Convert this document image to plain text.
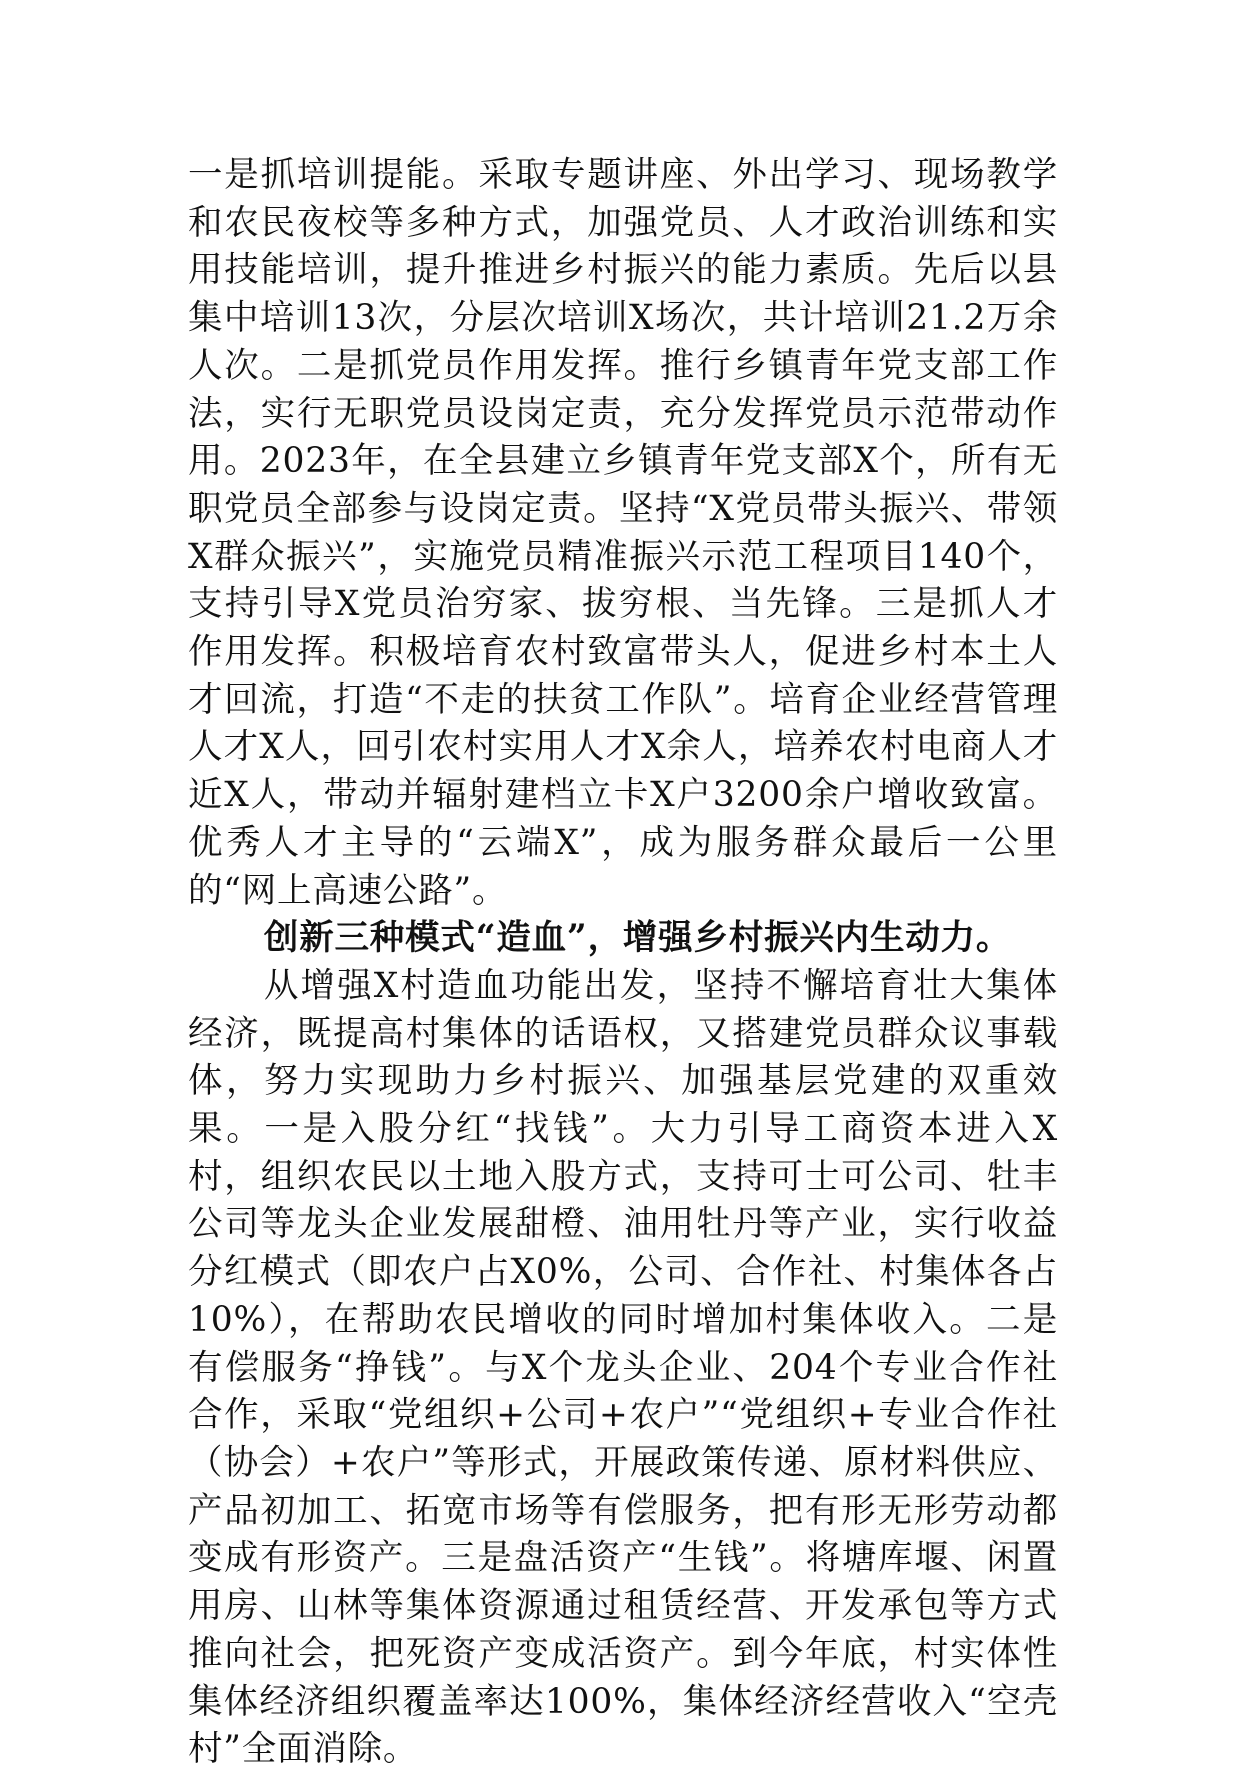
一是抓培训提能。采取专题讲座、外出学习、现场教学和农民夜校等多种方式，加强党员、人才政治训练和实用技能培训，提升推进乡村振兴的能力素质。先后以县集中培训13次，分层次培训X场次，共计培训21.2万余人次。二是抓党员作用发挥。推行乡镇青年党支部工作法，实行无职党员设岗定责，充分发挥党员示范带动作用。2023年，在全县建立乡镇青年党支部X个，所有无职党员全部参与设岗定责。坚持“X党员带头振兴、带领X群众振兴”，实施党员精准振兴示范工程项目140个，支持引导X党员治穷家、拔穷根、当先锋。三是抓人才作用发挥。积极培育农村致富带头人，促进乡村本土人才回流，打造“不走的扶贫工作队”。培育企业经营管理人才X人，回引农村实用人才X余人，培养农村电商人才近X人，带动并辐射建档立卡X户3200余户增收致富。优秀人才主导的“云端X”，成为服务群众最后一公里的“网上高速公路”。

创新三种模式“造血”，增强乡村振兴内生动力。

从增强X村造血功能出发，坚持不懈培育壮大集体经济，既提高村集体的话语权，又搭建党员群众议事载体，努力实现助力乡村振兴、加强基层党建的双重效果。一是入股分红“找钱”。大力引导工商资本进入X村，组织农民以土地入股方式，支持可士可公司、牡丰公司等龙头企业发展甜橙、油用牡丹等产业，实行收益分红模式（即农户占X0%，公司、合作社、村集体各占10%），在帮助农民增收的同时增加村集体收入。二是有偿服务“挣钱”。与X个龙头企业、204个专业合作社合作，采取“党组织+公司+农户”“党组织+专业合作社（协会）+农户”等形式，开展政策传递、原材料供应、产品初加工、拓宽市场等有偿服务，把有形无形劳动都变成有形资产。三是盘活资产“生钱”。将塘库堰、闲置用房、山林等集体资源通过租赁经营、开发承包等方式推向社会，把死资产变成活资产。到今年底，村实体性集体经济组织覆盖率达100%，集体经济经营收入“空壳村”全面消除。
